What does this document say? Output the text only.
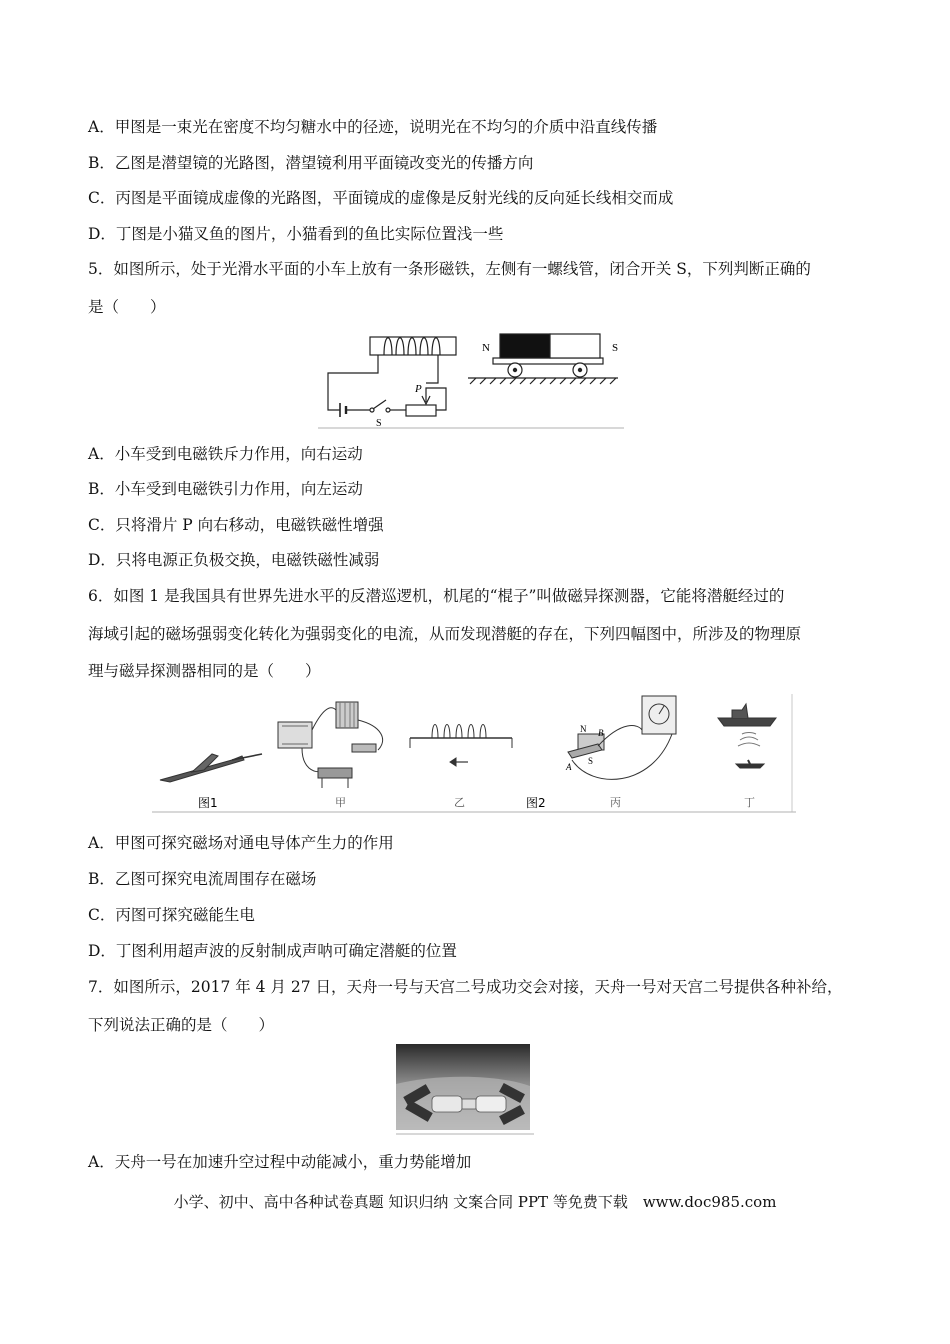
A．甲图是一束光在密度不均匀糖水中的径迹，说明光在不均匀的介质中沿直线传播
B．乙图是潜望镜的光路图，潜望镜利用平面镜改变光的传播方向
C．丙图是平面镜成虚像的光路图，平面镜成的虚像是反射光线的反向延长线相交而成
D．丁图是小猫叉鱼的图片，小猫看到的鱼比实际位置浅一些
5．如图所示，处于光滑水平面的小车上放有一条形磁铁，左侧有一螺线管，闭合开关 S，下列判断正确的
是（　　）
N	S
P
S
A．小车受到电磁铁斥力作用，向右运动
B．小车受到电磁铁引力作用，向左运动
C．只将滑片 P 向右移动，电磁铁磁性增强
D．只将电源正负极交换，电磁铁磁性减弱
6．如图 1 是我国具有世界先进水平的反潜巡逻机，机尾的“棍子”叫做磁异探测器，它能将潜艇经过的
海域引起的磁场强弱变化转化为强弱变化的电流，从而发现潜艇的存在，下列四幅图中，所涉及的物理原
理与磁异探测器相同的是（　　）
图1	甲	乙	图2	丙	丁
N
S
A
B
A．甲图可探究磁场对通电导体产生力的作用
B．乙图可探究电流周围存在磁场
C．丙图可探究磁能生电
D．丁图利用超声波的反射制成声呐可确定潜艇的位置
7．如图所示，2017 年 4 月 27 日，天舟一号与天宫二号成功交会对接，天舟一号对天宫二号提供各种补给，
下列说法正确的是（　　）
A．天舟一号在加速升空过程中动能减小，重力势能增加
小学、初中、高中各种试卷真题 知识归纳 文案合同 PPT 等免费下载　www.doc985.com
